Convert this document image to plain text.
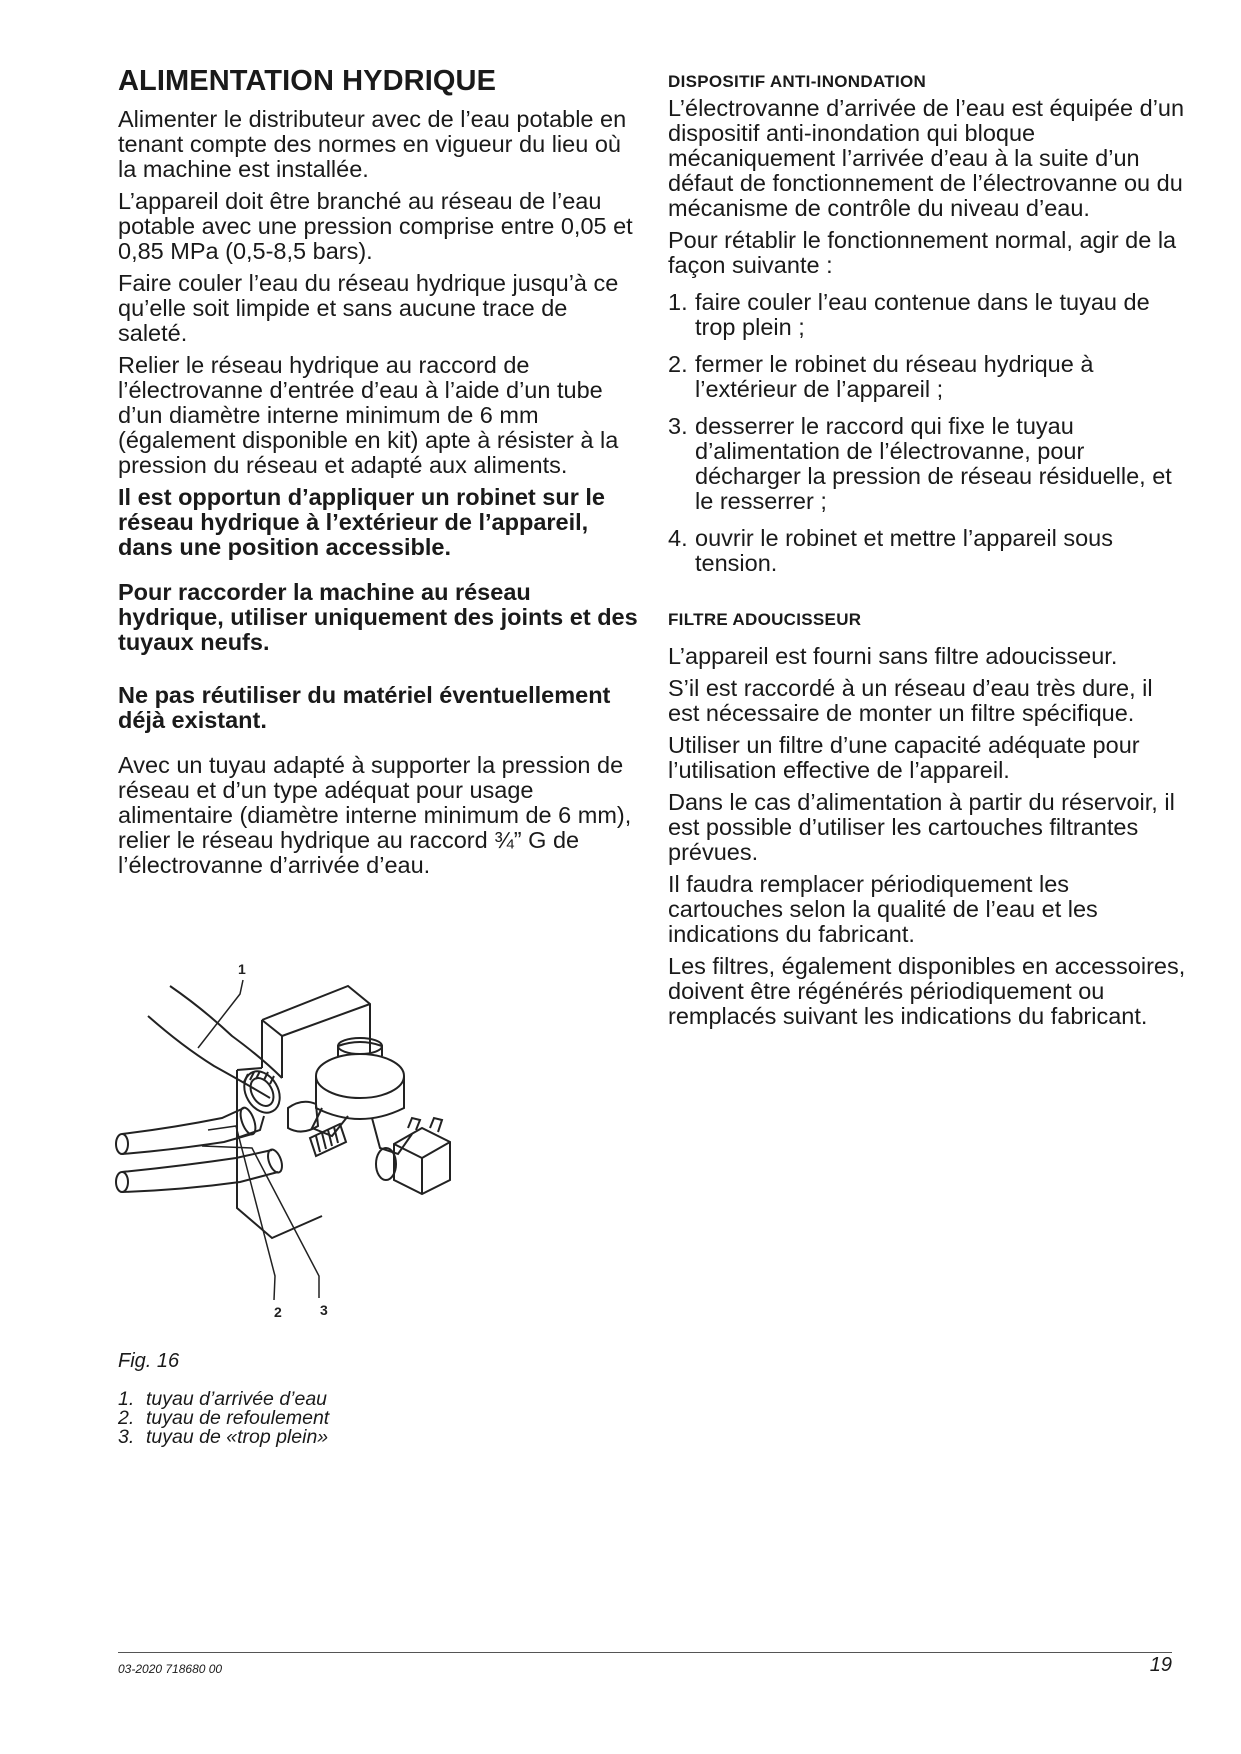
ALIMENTATION HYDRIQUE

Alimenter le distributeur avec de l’eau potable en tenant compte des normes en vigueur du lieu où la machine est installée.

L’appareil doit être branché au réseau de l’eau potable avec une pression comprise entre 0,05 et 0,85 MPa (0,5-8,5 bars).

Faire couler l’eau du réseau hydrique jusqu’à ce qu’elle soit limpide et sans aucune trace de saleté.

Relier le réseau hydrique au raccord de l’électrovanne d’entrée d’eau à l’aide d’un tube d’un diamètre interne minimum de 6 mm (également disponible en kit) apte à résister à la pression du réseau et adapté aux aliments.

Il est opportun d’appliquer un robinet sur le réseau hydrique à l’extérieur de l’appareil, dans une position accessible.

Pour raccorder la machine au réseau hydrique, utiliser uniquement des joints et des tuyaux neufs.

Ne pas réutiliser du matériel éventuellement déjà existant.

Avec un tuyau adapté à supporter la pression de réseau et d’un type adéquat pour usage alimentaire (diamètre interne minimum de 6 mm), relier le réseau hydrique au raccord ¾” G de l’électrovanne d’arrivée d’eau.

1
2	3

Fig. 16

1. tuyau d’arrivée d’eau

2. tuyau de refoulement

3. tuyau de «trop plein»

DISPOSITIF ANTI-INONDATION

L’électrovanne d’arrivée de l’eau est équipée d’un dispositif anti-inondation qui bloque mécaniquement l’arrivée d’eau à la suite d’un défaut de fonctionnement de l’électrovanne ou du mécanisme de contrôle du niveau d’eau.

Pour rétablir le fonctionnement normal, agir de la façon suivante :

1. faire couler l’eau contenue dans le tuyau de trop plein ;
2. fermer le robinet du réseau hydrique à l’extérieur de l’appareil ;
3. desserrer le raccord qui fixe le tuyau d’alimentation de l’électrovanne, pour décharger la pression de réseau résiduelle, et le resserrer ;
4. ouvrir le robinet et mettre l’appareil sous tension.
FILTRE ADOUCISSEUR

L’appareil est fourni sans filtre adoucisseur.

S’il est raccordé à un réseau d’eau très dure, il est nécessaire de monter un filtre spécifique.

Utiliser un filtre d’une capacité adéquate pour l’utilisation effective de l’appareil.

Dans le cas d’alimentation à partir du réservoir, il est possible d’utiliser les cartouches filtrantes prévues.

Il faudra remplacer périodiquement les cartouches selon la qualité de l’eau et les indications du fabricant.

Les filtres, également disponibles en accessoires, doivent être régénérés périodiquement ou remplacés suivant les indications du fabricant.

03-2020 718680 00	19
